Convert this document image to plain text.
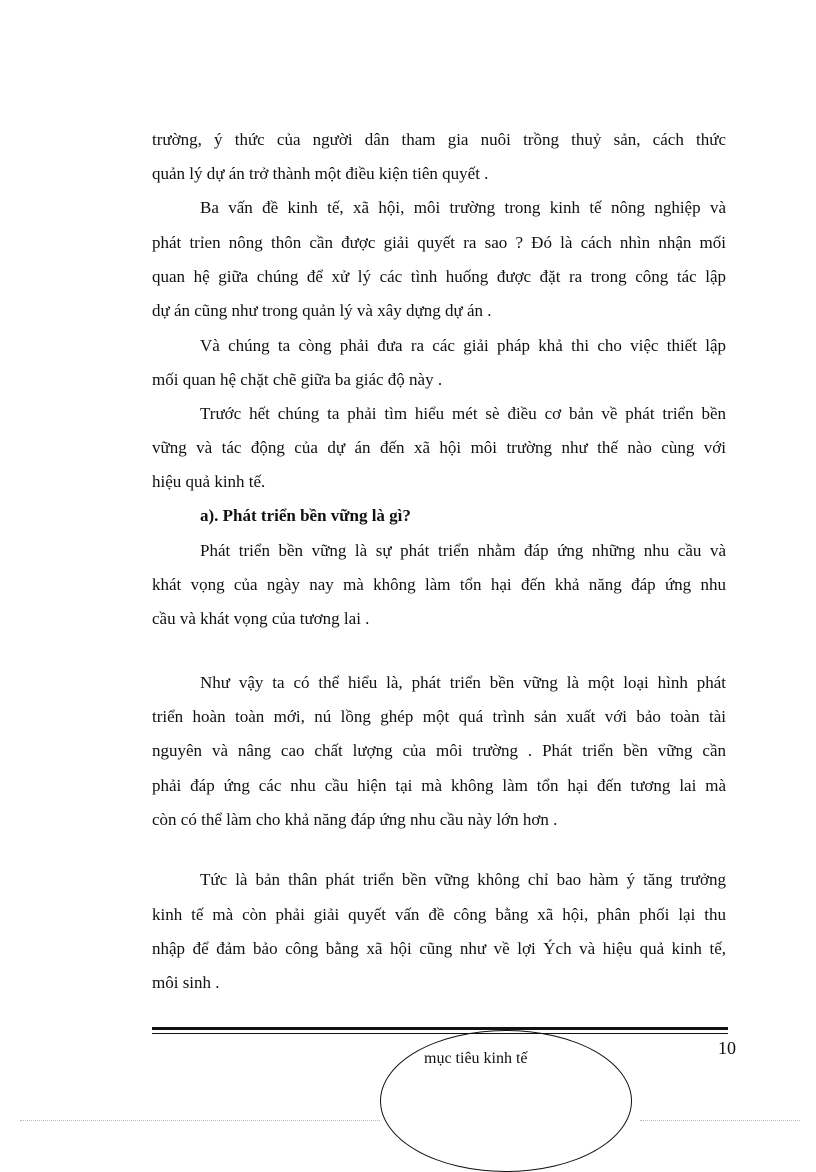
trường, ý thức của người dân tham gia nuôi trồng thuỷ sản, cách thức
quản lý dự án trở thành một điều kiện tiên quyết .
Ba vấn đề kinh tế, xã hội, môi trường trong kinh tế nông nghiệp và
phát trỉen nông thôn cần được giải quyết ra sao ? Đó là cách nhìn nhận mối
quan hệ giữa chúng để xử lý các tình huống được đặt ra trong công tác lập
dự án cũng như trong quản lý và xây dựng dự án .
Và chúng ta còng phải đưa ra các giải pháp khả thi cho việc thiết lập
mối quan hệ chặt chẽ giữa ba giác độ này .
Trước hết chúng ta phải tìm hiểu mét sè điều cơ bản về phát triển bền
vững và tác động của dự án đến xã hội môi trường như thế nào cùng với
hiệu quả kinh tế.
a). Phát triển bền vững là gì?
Phát triển bền vững là sự phát triển nhằm đáp ứng những nhu cầu và
khát vọng của ngày nay mà không làm tổn hại đến khả năng đáp ứng nhu
cầu và khát vọng của tương lai .
Như vậy ta có thể hiểu là, phát triển bền vững là một loại hình phát
triển hoàn toàn mới, nú lồng ghép một quá trình sản xuất với bảo toàn tài
nguyên và nâng cao chất lượng của môi trường . Phát triển bền vững cần
phải đáp ứng các nhu cầu hiện tại mà không làm tổn hại đến tương lai mà
còn có thể làm cho khả năng đáp ứng nhu cầu này lớn hơn .
Tức là bản thân phát triển bền vững không chỉ bao hàm ý tăng trưởng
kinh tế mà còn phải giải quyết vấn đề công bằng xã hội, phân phối lại thu
nhập để đảm bảo công bằng xã hội cũng như về lợi Ých và hiệu quả kinh tế,
môi sinh .
10
mục tiêu kinh tế
